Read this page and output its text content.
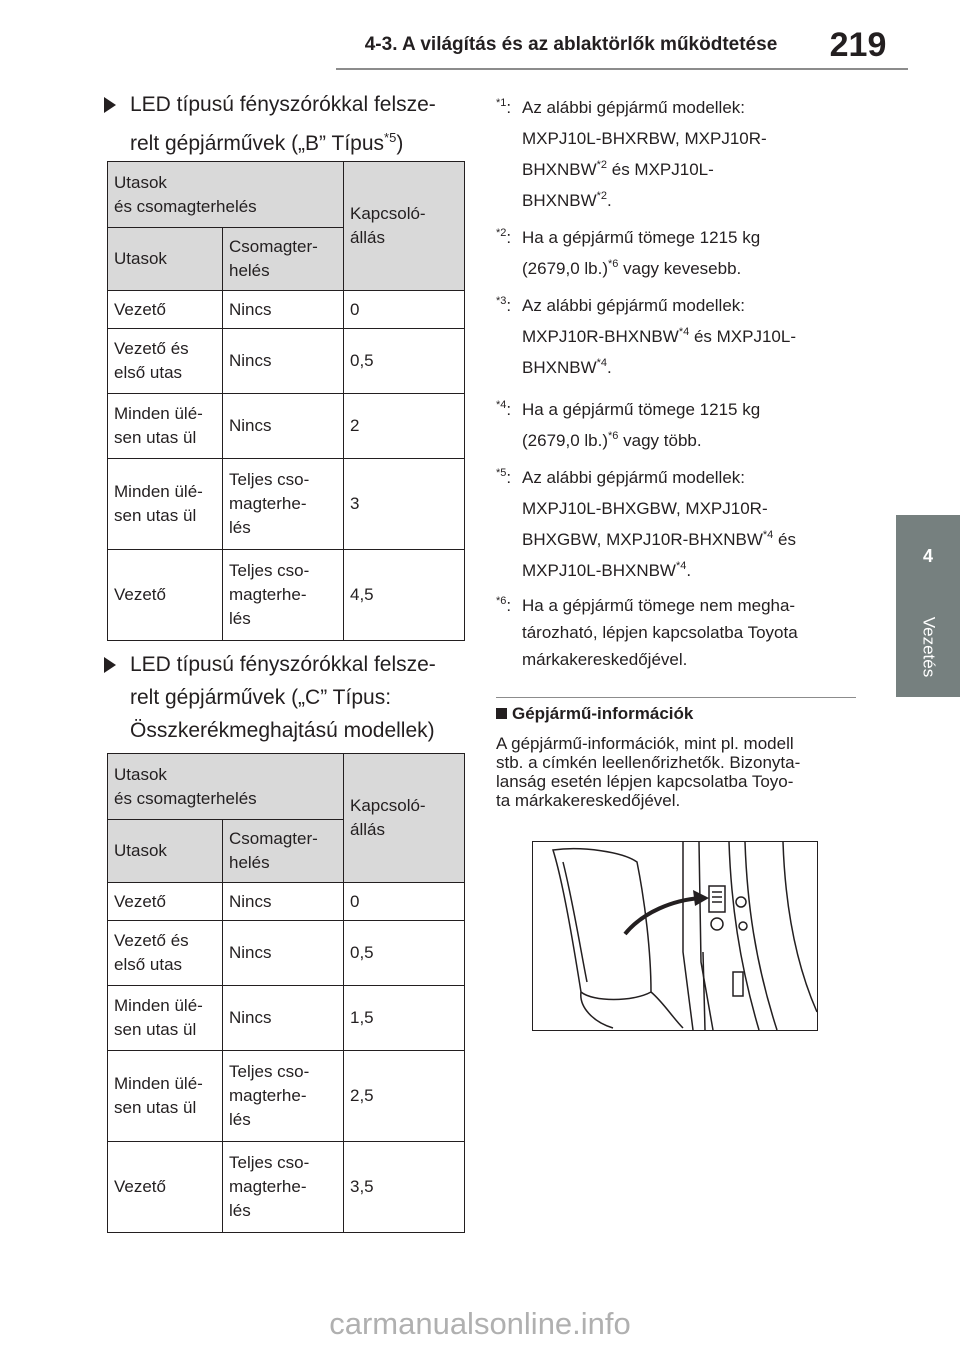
4-3. A világítás és az ablaktörlők működtetése	219
4
Vezetés
LED típusú fényszórókkal felsze-
relt gépjárművek („B” Típus$^{*5}$)
Utasok
és csomagterhelés		Kapcsoló-
állás
Utasok	Csomagter-
helés	
Vezető	Nincs	0
Vezető és
első utas	Nincs	0,5
Minden ülé-
sen utas ül	Nincs	2
Minden ülé-
sen utas ül	Teljes cso-
magterhe-
lés	3
Vezető	Teljes cso-
magterhe-
lés	4,5
LED típusú fényszórókkal felsze-
relt gépjárművek („C” Típus:
Összkerékmeghajtású modellek)
Utasok
és csomagterhelés		Kapcsoló-
állás
Utasok	Csomagter-
helés	
Vezető	Nincs	0
Vezető és
első utas	Nincs	0,5
Minden ülé-
sen utas ül	Nincs	1,5
Minden ülé-
sen utas ül	Teljes cso-
magterhe-
lés	2,5
Vezető	Teljes cso-
magterhe-
lés	3,5
$^{*1}$: Az alábbi gépjármű modellek:
MXPJ10L-BHXRBW, MXPJ10R-
BHXNBW$^{*2}$ és MXPJ10L-
BHXNBW$^{*2}$.
$^{*2}$: Ha a gépjármű tömege 1215 kg
(2679,0 lb.)$^{*6}$ vagy kevesebb.
$^{*3}$: Az alábbi gépjármű modellek:
MXPJ10R-BHXNBW$^{*4}$ és MXPJ10L-
BHXNBW$^{*4}$.
$^{*4}$: Ha a gépjármű tömege 1215 kg
(2679,0 lb.)$^{*6}$ vagy több.
$^{*5}$: Az alábbi gépjármű modellek:
MXPJ10L-BHXGBW, MXPJ10R-
BHXGBW, MXPJ10R-BHXNBW$^{*4}$ és
MXPJ10L-BHXNBW$^{*4}$.
$^{*6}$: Ha a gépjármű tömege nem megha-
tározható, lépjen kapcsolatba Toyota
márkakereskedőjével.
Gépjármű-információk
A gépjármű-információk, mint pl. modell
stb. a címkén leellenőrizhetők. Bizonyta-
lanság esetén lépjen kapcsolatba Toyo-
ta márkakereskedőjével.
carmanualsonline.info
